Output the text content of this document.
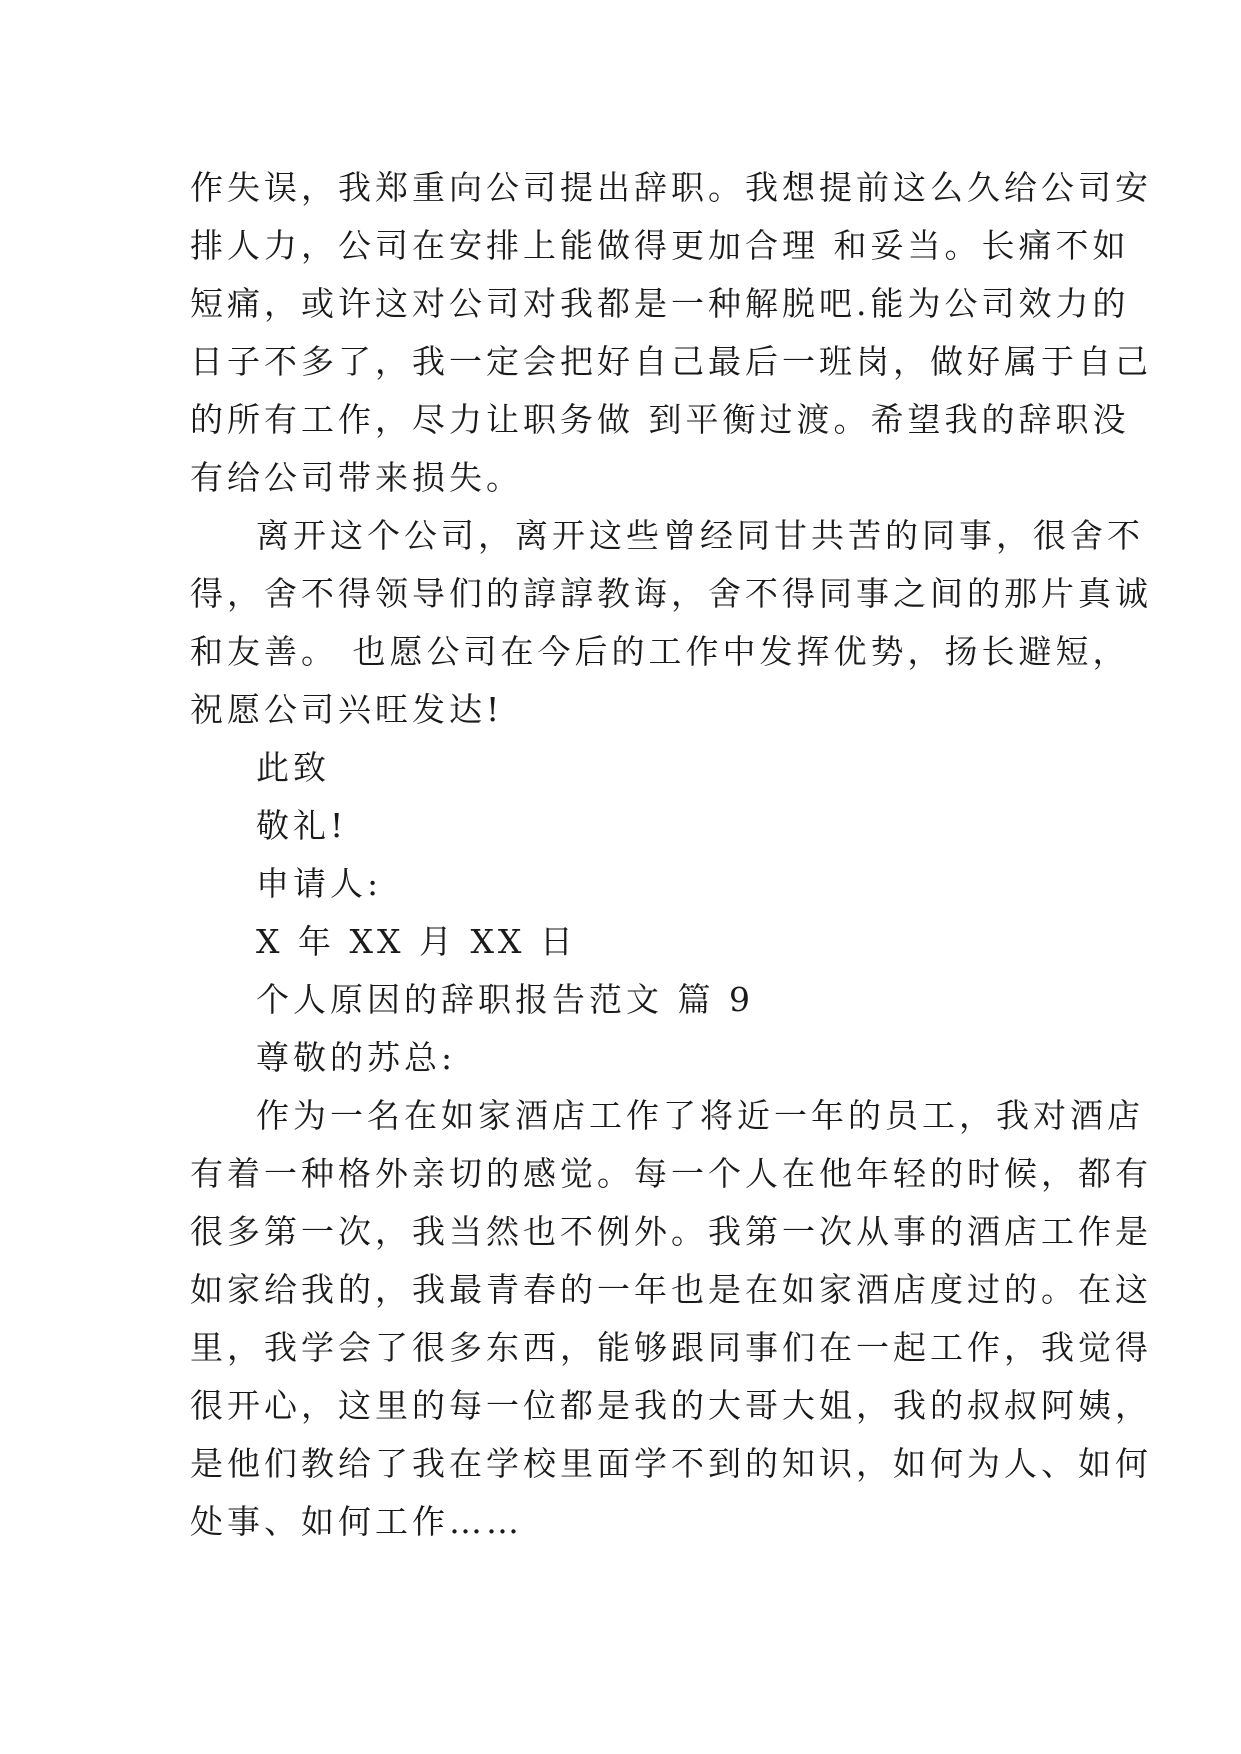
作失误，我郑重向公司提出辞职。我想提前这么久给公司安
排人力，公司在安排上能做得更加合理 和妥当。长痛不如
短痛，或许这对公司对我都是一种解脱吧.能为公司效力的
日子不多了，我一定会把好自己最后一班岗，做好属于自己
的所有工作，尽力让职务做 到平衡过渡。希望我的辞职没
有给公司带来损失。
离开这个公司，离开这些曾经同甘共苦的同事，很舍不
得，舍不得领导们的諄諄教诲，舍不得同事之间的那片真诚
和友善。 也愿公司在今后的工作中发挥优势，扬长避短，
祝愿公司兴旺发达!
此致
敬礼!
申请人:
X 年 XX 月 XX 日
个人原因的辞职报告范文 篇 9
尊敬的苏总:
作为一名在如家酒店工作了将近一年的员工，我对酒店
有着一种格外亲切的感觉。每一个人在他年轻的时候，都有
很多第一次，我当然也不例外。我第一次从事的酒店工作是
如家给我的，我最青春的一年也是在如家酒店度过的。在这
里，我学会了很多东西，能够跟同事们在一起工作，我觉得
很开心，这里的每一位都是我的大哥大姐，我的叔叔阿姨，
是他们教给了我在学校里面学不到的知识，如何为人、如何
处事、如何工作……
